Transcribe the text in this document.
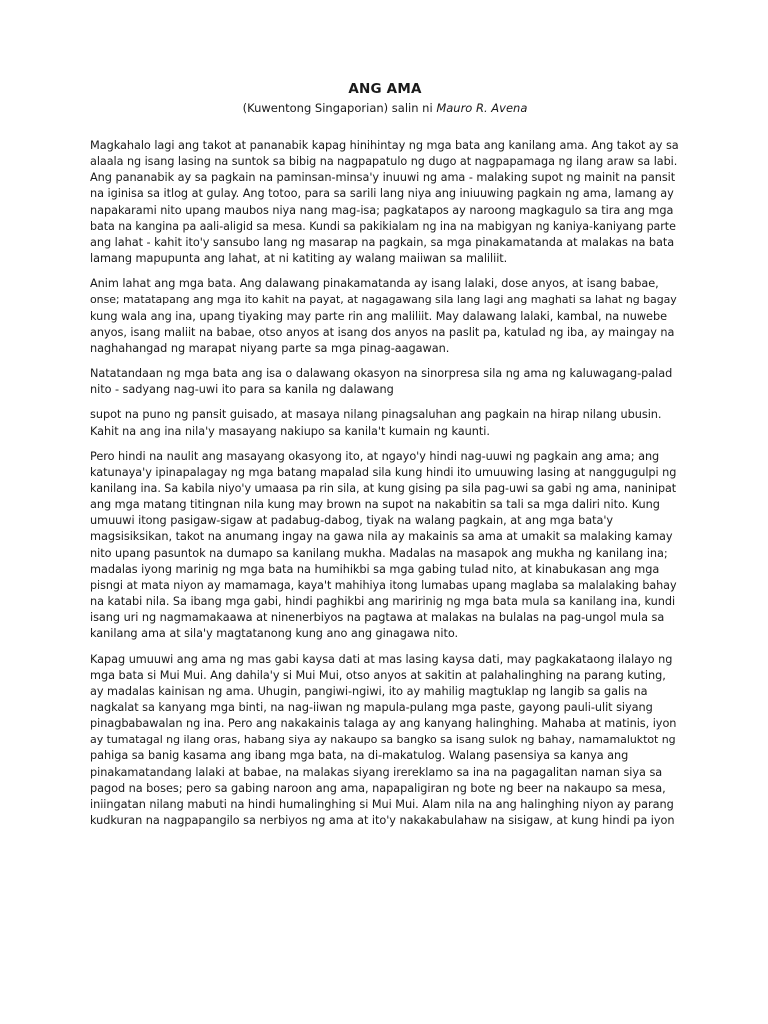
ANG AMA
(Kuwentong Singaporian) salin ni Mauro R. Avena
Magkahalo lagi ang takot at pananabik kapag hinihintay ng mga bata ang kanilang ama. Ang takot ay sa
alaala ng isang lasing na suntok sa bibig na nagpapatulo ng dugo at nagpapamaga ng ilang araw sa labi.
Ang pananabik ay sa pagkain na paminsan-minsa'y inuuwi ng ama - malaking supot ng mainit na pansit
na iginisa sa itlog at gulay. Ang totoo, para sa sarili lang niya ang iniuuwing pagkain ng ama, lamang ay
napakarami nito upang maubos niya nang mag-isa; pagkatapos ay naroong magkagulo sa tira ang mga
bata na kangina pa aali-aligid sa mesa. Kundi sa pakikialam ng ina na mabigyan ng kaniya-kaniyang parte
ang lahat - kahit ito'y sansubo lang ng masarap na pagkain, sa mga pinakamatanda at malakas na bata
lamang mapupunta ang lahat, at ni katiting ay walang maiiwan sa maliliit.
Anim lahat ang mga bata. Ang dalawang pinakamatanda ay isang lalaki, dose anyos, at isang babae,
onse; matatapang ang mga ito kahit na payat, at nagagawang sila lang lagi ang maghati sa lahat ng bagay
kung wala ang ina, upang tiyaking may parte rin ang maliliit. May dalawang lalaki, kambal, na nuwebe
anyos, isang maliit na babae, otso anyos at isang dos anyos na paslit pa, katulad ng iba, ay maingay na
naghahangad ng marapat niyang parte sa mga pinag-aagawan.
Natatandaan ng mga bata ang isa o dalawang okasyon na sinorpresa sila ng ama ng kaluwagang-palad
nito - sadyang nag-uwi ito para sa kanila ng dalawang
supot na puno ng pansit guisado, at masaya nilang pinagsaluhan ang pagkain na hirap nilang ubusin.
Kahit na ang ina nila'y masayang nakiupo sa kanila't kumain ng kaunti.
Pero hindi na naulit ang masayang okasyong ito, at ngayo'y hindi nag-uuwi ng pagkain ang ama; ang
katunaya'y ipinapalagay ng mga batang mapalad sila kung hindi ito umuuwing lasing at nanggugulpi ng
kanilang ina. Sa kabila niyo'y umaasa pa rin sila, at kung gising pa sila pag-uwi sa gabi ng ama, naninipat
ang mga matang titingnan nila kung may brown na supot na nakabitin sa tali sa mga daliri nito. Kung
umuuwi itong pasigaw-sigaw at padabug-dabog, tiyak na walang pagkain, at ang mga bata'y
magsisiksikan, takot na anumang ingay na gawa nila ay makainis sa ama at umakit sa malaking kamay
nito upang pasuntok na dumapo sa kanilang mukha. Madalas na masapok ang mukha ng kanilang ina;
madalas iyong marinig ng mga bata na humihikbi sa mga gabing tulad nito, at kinabukasan ang mga
pisngi at mata niyon ay mamamaga, kaya't mahihiya itong lumabas upang maglaba sa malalaking bahay
na katabi nila. Sa ibang mga gabi, hindi paghikbi ang maririnig ng mga bata mula sa kanilang ina, kundi
isang uri ng nagmamakaawa at ninenerbiyos na pagtawa at malakas na bulalas na pag-ungol mula sa
kanilang ama at sila'y magtatanong kung ano ang ginagawa nito.
Kapag umuuwi ang ama ng mas gabi kaysa dati at mas lasing kaysa dati, may pagkakataong ilalayo ng
mga bata si Mui Mui. Ang dahila'y si Mui Mui, otso anyos at sakitin at palahalinghing na parang kuting,
ay madalas kainisan ng ama. Uhugin, pangiwi-ngiwi, ito ay mahilig magtuklap ng langib sa galis na
nagkalat sa kanyang mga binti, na nag-iiwan ng mapula-pulang mga paste, gayong pauli-ulit siyang
pinagbabawalan ng ina. Pero ang nakakainis talaga ay ang kanyang halinghing. Mahaba at matinis, iyon
ay tumatagal ng ilang oras, habang siya ay nakaupo sa bangko sa isang sulok ng bahay, namamaluktot ng
pahiga sa banig kasama ang ibang mga bata, na di-makatulog. Walang pasensiya sa kanya ang
pinakamatandang lalaki at babae, na malakas siyang irereklamo sa ina na pagagalitan naman siya sa
pagod na boses; pero sa gabing naroon ang ama, napapaligiran ng bote ng beer na nakaupo sa mesa,
iniingatan nilang mabuti na hindi humalinghing si Mui Mui. Alam nila na ang halinghing niyon ay parang
kudkuran na nagpapangilo sa nerbiyos ng ama at ito'y nakakabulahaw na sisigaw, at kung hindi pa iyon
